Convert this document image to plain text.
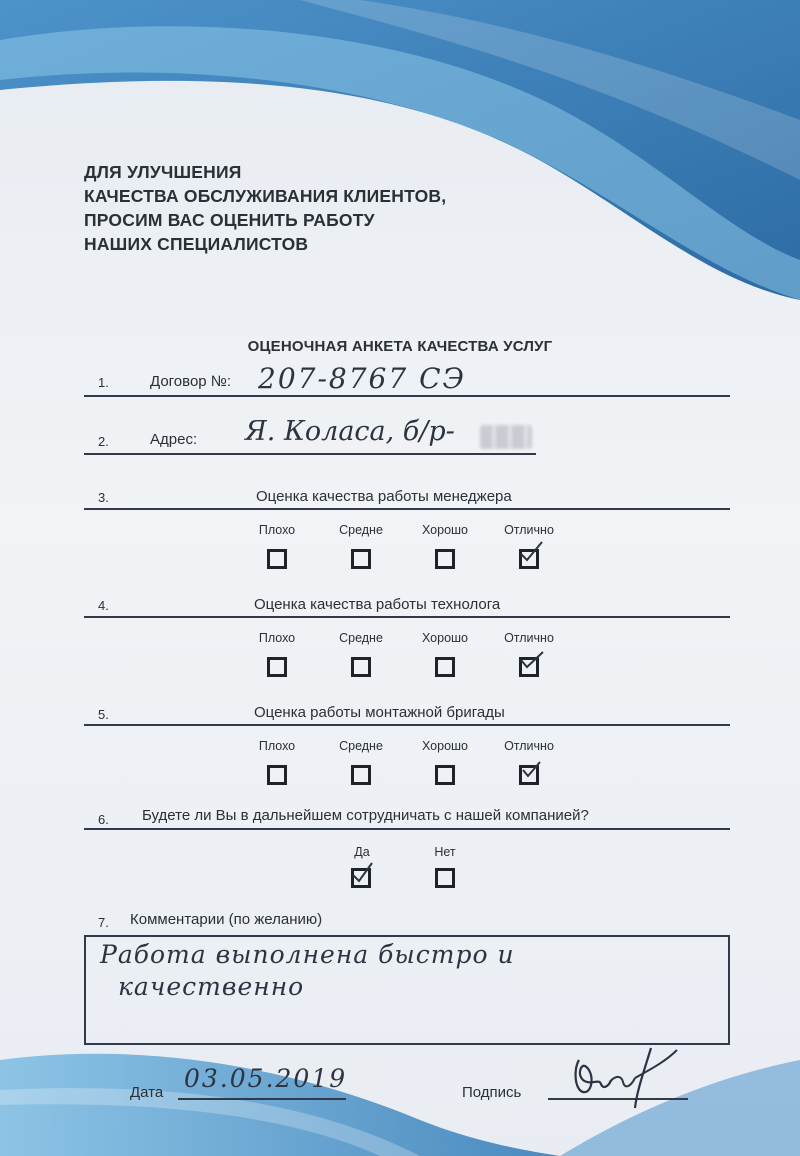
ДЛЯ УЛУЧШЕНИЯ
КАЧЕСТВА ОБСЛУЖИВАНИЯ КЛИЕНТОВ,
ПРОСИМ ВАС ОЦЕНИТЬ РАБОТУ
НАШИХ СПЕЦИАЛИСТОВ
ОЦЕНОЧНАЯ АНКЕТА КАЧЕСТВА УСЛУГ
1.	Договор №: 207-8767 СЭ
2.	Адрес: Я. Коласа, б/р-
3.	Оценка качества работы менеджера
Плохо	Средне	Хорошо	Отлично
4.	Оценка качества работы технолога
Плохо	Средне	Хорошо	Отлично
5.	Оценка работы монтажной бригады
Плохо	Средне	Хорошо	Отлично
6. Будете ли Вы в дальнейшем сотрудничать с нашей компанией?
Да	Нет
7. Комментарии (по желанию)
Работа выполнена быстро и
качественно
Дата 03.05.2019	Подпись
